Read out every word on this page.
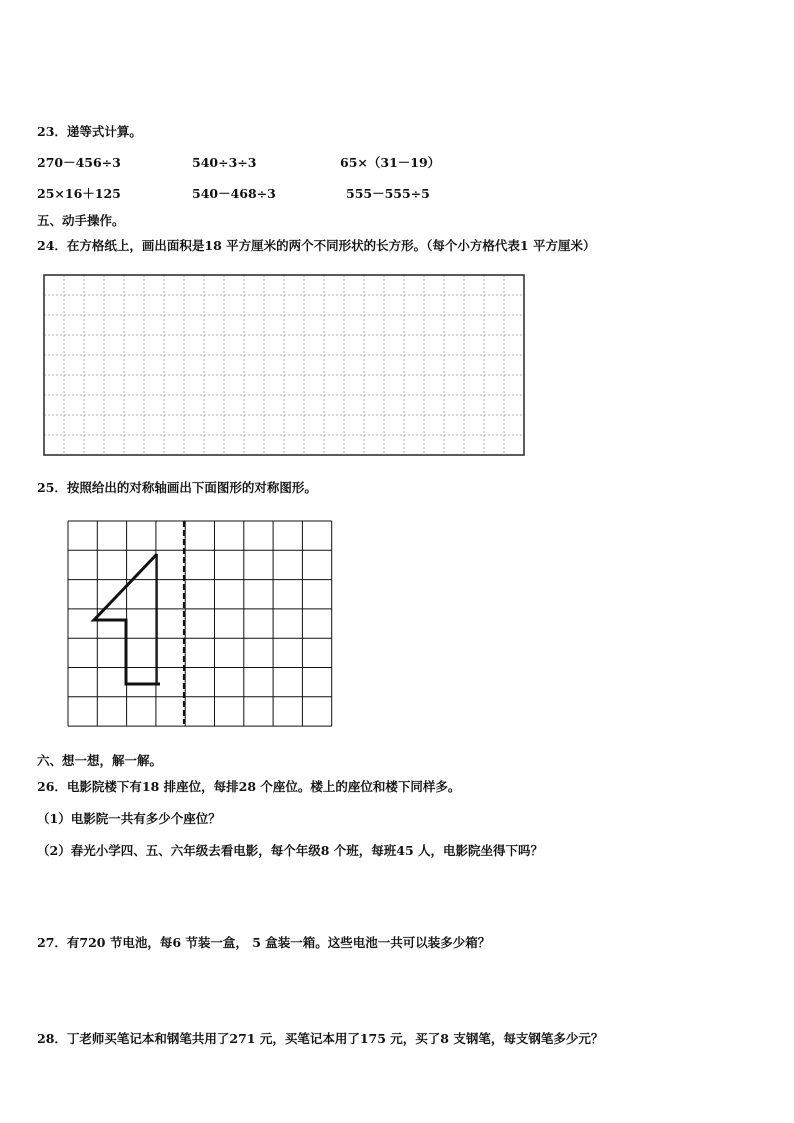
23．递等式计算。
270－456÷3	540÷3÷3	65×（31－19）
25×16＋125	540－468÷3	555－555÷5
五、动手操作。
24．在方格纸上，画出面积是18 平方厘米的两个不同形状的长方形。（每个小方格代表1 平方厘米）
25．按照给出的对称轴画出下面图形的对称图形。
六、想一想，解一解。
26．电影院楼下有18 排座位，每排28 个座位。楼上的座位和楼下同样多。
（1）电影院一共有多少个座位？
（2）春光小学四、五、六年级去看电影，每个年级8 个班，每班45 人，电影院坐得下吗？
27．有720 节电池，每6 节装一盒， 5 盒装一箱。这些电池一共可以装多少箱？
28．丁老师买笔记本和钢笔共用了271 元，买笔记本用了175 元，买了8 支钢笔，每支钢笔多少元？
